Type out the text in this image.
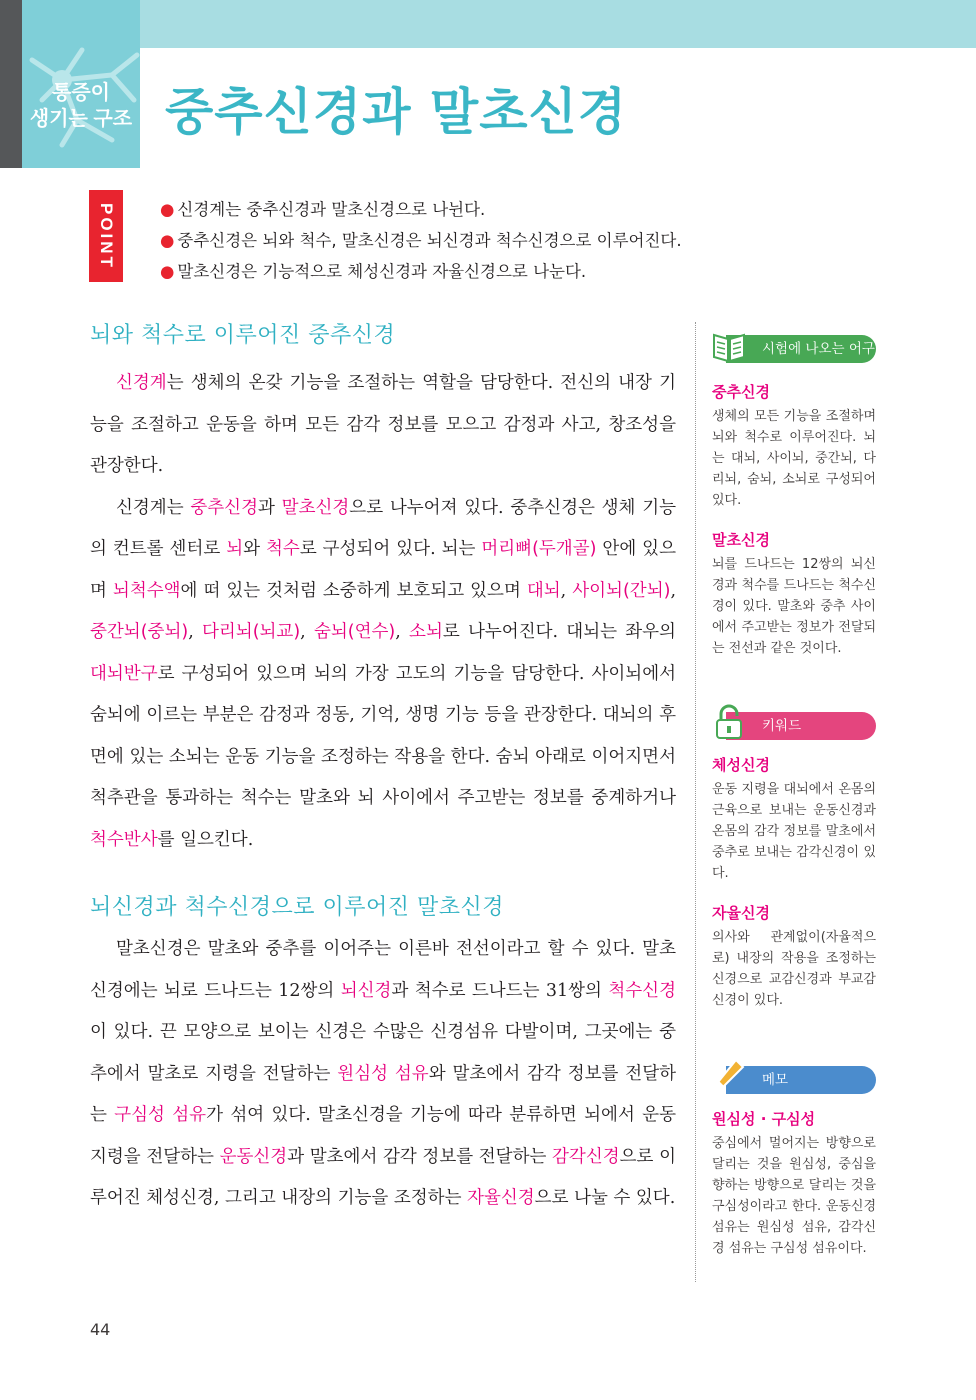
통증이
생기는 구조 중추신경과 말초신경
POINT	● 신경계는 중추신경과 말초신경으로 나뉜다.
● 중추신경은 뇌와 척수, 말초신경은 뇌신경과 척수신경으로 이루어진다.
● 말초신경은 기능적으로 체성신경과 자율신경으로 나눈다.
뇌와 척수로 이루어진 중추신경

신경계는 생체의 온갖 기능을 조절하는 역할을 담당한다. 전신의 내장 기능을 조절하고 운동을 하며 모든 감각 정보를 모으고 감정과 사고, 창조성을 관장한다.

신경계는 중추신경과 말초신경으로 나누어져 있다. 중추신경은 생체 기능의 컨트롤 센터로 뇌와 척수로 구성되어 있다. 뇌는 머리뼈(두개골) 안에 있으며 뇌척수액에 떠 있는 것처럼 소중하게 보호되고 있으며 대뇌, 사이뇌(간뇌), 중간뇌(중뇌), 다리뇌(뇌교), 숨뇌(연수), 소뇌로 나누어진다. 대뇌는 좌우의 대뇌반구로 구성되어 있으며 뇌의 가장 고도의 기능을 담당한다. 사이뇌에서 숨뇌에 이르는 부분은 감정과 정동, 기억, 생명 기능 등을 관장한다. 대뇌의 후면에 있는 소뇌는 운동 기능을 조정하는 작용을 한다. 숨뇌 아래로 이어지면서 척추관을 통과하는 척수는 말초와 뇌 사이에서 주고받는 정보를 중계하거나 척수반사를 일으킨다.

뇌신경과 척수신경으로 이루어진 말초신경

말초신경은 말초와 중추를 이어주는 이른바 전선이라고 할 수 있다. 말초신경에는 뇌로 드나드는 12쌍의 뇌신경과 척수로 드나드는 31쌍의 척수신경이 있다. 끈 모양으로 보이는 신경은 수많은 신경섬유 다발이며, 그곳에는 중추에서 말초로 지령을 전달하는 원심성 섬유와 말초에서 감각 정보를 전달하는 구심성 섬유가 섞여 있다. 말초신경을 기능에 따라 분류하면 뇌에서 운동 지령을 전달하는 운동신경과 말초에서 감각 정보를 전달하는 감각신경으로 이루어진 체성신경, 그리고 내장의 기능을 조정하는 자율신경으로 나눌 수 있다.

시험에 나오는 어구
중추신경

생체의 모든 기능을 조절하며 뇌와 척수로 이루어진다. 뇌는 대뇌, 사이뇌, 중간뇌, 다리뇌, 숨뇌, 소뇌로 구성되어 있다.

말초신경

뇌를 드나드는 12쌍의 뇌신경과 척수를 드나드는 척수신경이 있다. 말초와 중추 사이에서 주고받는 정보가 전달되는 전선과 같은 것이다.

키워드
체성신경

운동 지령을 대뇌에서 온몸의 근육으로 보내는 운동신경과 온몸의 감각 정보를 말초에서 중추로 보내는 감각신경이 있다.

자율신경

의사와 관계없이(자율적으로) 내장의 작용을 조정하는 신경으로 교감신경과 부교감신경이 있다.

메모
원심성 · 구심성

중심에서 멀어지는 방향으로 달리는 것을 원심성, 중심을 향하는 방향으로 달리는 것을 구심성이라고 한다. 운동신경 섬유는 원심성 섬유, 감각신경 섬유는 구심성 섬유이다.

44
